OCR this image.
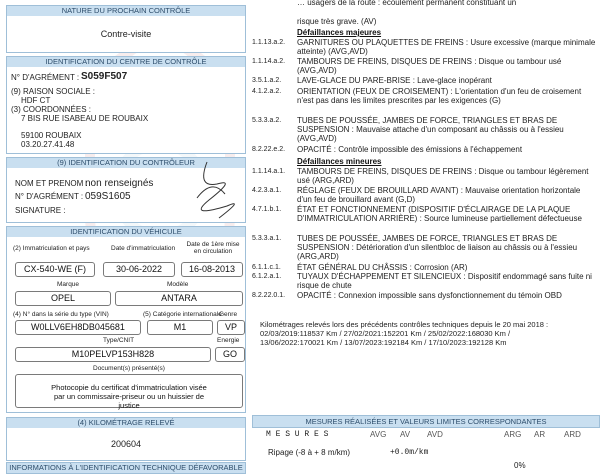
NATURE DU PROCHAIN CONTRÔLE
Contre-visite
IDENTIFICATION DU CENTRE DE CONTRÔLE
N° D'AGRÉMENT : S059F507
(9) RAISON SOCIALE :
HDF CT
(3) COORDONNÉES :
7 BIS RUE ISABEAU DE ROUBAIX
59100 ROUBAIX
03.20.27.41.48
(9) IDENTIFICATION DU CONTRÔLEUR
NOM ET PRENOM :
non renseignés
N° D'AGRÉMENT : 059S1605
SIGNATURE :
IDENTIFICATION DU VÉHICULE
(2) Immatriculation et pays	Date d'immatriculation
Date de 1ère mise en circulation
CX-540-WE (F)	30-06-2022	16-08-2013
Marque	Modèle
OPEL	ANTARA
(4) N° dans la série du type (VIN)	(5) Catégorie internationale
Genre
W0LLV6EH8DB045681	M1	VP
Type/CNIT	Energie
M10PELVP153H828	GO
Document(s) présenté(s)
Photocopie du certificat d'immatriculation visée par un commissaire-priseur ou un huissier de justice
(4) KILOMÉTRAGE RELEVÉ
200604
INFORMATIONS À L'IDENTIFICATION TECHNIQUE DÉFAVORABLE
… usagers de la route : écoulement permanent constituant un
risque très grave. (AV)
Défaillances majeures
1.1.13.a.2.	GARNITURES OU PLAQUETTES DE FREINS : Usure excessive (marque minimale atteinte) (AVG,AVD)
1.1.14.a.2.	TAMBOURS DE FREINS, DISQUES DE FREINS : Disque ou tambour usé (AVG,AVD)
3.5.1.a.2.	LAVE-GLACE DU PARE-BRISE : Lave-glace inopérant
4.1.2.a.2.	ORIENTATION (FEUX DE CROISEMENT) : L'orientation d'un feu de croisement n'est pas dans les limites prescrites par les exigences (G)
5.3.3.a.2.	TUBES DE POUSSÉE, JAMBES DE FORCE, TRIANGLES ET BRAS DE SUSPENSION : Mauvaise attache d'un composant au châssis ou à l'essieu (AVG,AVD)
8.2.22.e.2.	OPACITÉ : Contrôle impossible des émissions à l'échappement
Défaillances mineures
1.1.14.a.1.	TAMBOURS DE FREINS, DISQUES DE FREINS : Disque ou tambour légèrement usé (ARG,ARD)
4.2.3.a.1.	RÉGLAGE (FEUX DE BROUILLARD AVANT) : Mauvaise orientation horizontale d'un feu de brouillard avant (G,D)
4.7.1.b.1.	ÉTAT ET FONCTIONNEMENT (DISPOSITIF D'ÉCLAIRAGE DE LA PLAQUE D'IMMATRICULATION ARRIÈRE) : Source lumineuse partiellement défectueuse
5.3.3.a.1.	TUBES DE POUSSÉE, JAMBES DE FORCE, TRIANGLES ET BRAS DE SUSPENSION : Détérioration d'un silentbloc de liaison au châssis ou à l'essieu (ARG,ARD)
6.1.1.c.1.	ÉTAT GÉNÉRAL DU CHÂSSIS : Corrosion (AR)
6.1.2.a.1.	TUYAUX D'ÉCHAPPEMENT ET SILENCIEUX : Dispositif endommagé sans fuite ni risque de chute
8.2.22.0.1.	OPACITÉ : Connexion impossible sans dysfonctionnement du témoin OBD
Kilométrages relevés lors des précédents contrôles techniques depuis le 20 mai 2018 :
02/03/2019:118537 Km / 27/02/2021:152201 Km / 25/02/2022:168030 Km /
13/06/2022:170021 Km / 13/07/2023:192184 Km / 17/10/2023:192128 Km
MESURES RÉALISÉES ET VALEURS LIMITES CORRESPONDANTES
M E S U R E S	AVG AV AVD	ARG AR ARD
Ripage (-8 à + 8 m/km)	+0.0m/km
0%
